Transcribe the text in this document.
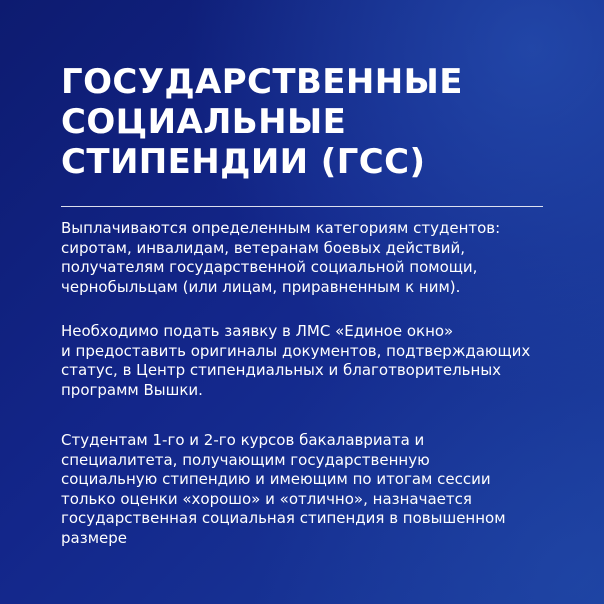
ГОСУДАРСТВЕННЫЕ
СОЦИАЛЬНЫЕ
СТИПЕНДИИ (ГСС)

Выплачиваются определенным категориям студентов:
сиротам, инвалидам, ветеранам боевых действий,
получателям государственной социальной помощи,
чернобыльцам (или лицам, приравненным к ним).

Необходимо подать заявку в ЛМС «Единое окно»
и предоставить оригиналы документов, подтверждающих
статус, в Центр стипендиальных и благотворительных
программ Вышки.

Студентам 1-го и 2-го курсов бакалавриата и
специалитета, получающим государственную
социальную стипендию и имеющим по итогам сессии
только оценки «хорошо» и «отлично», назначается
государственная социальная стипендия в повышенном
размере
